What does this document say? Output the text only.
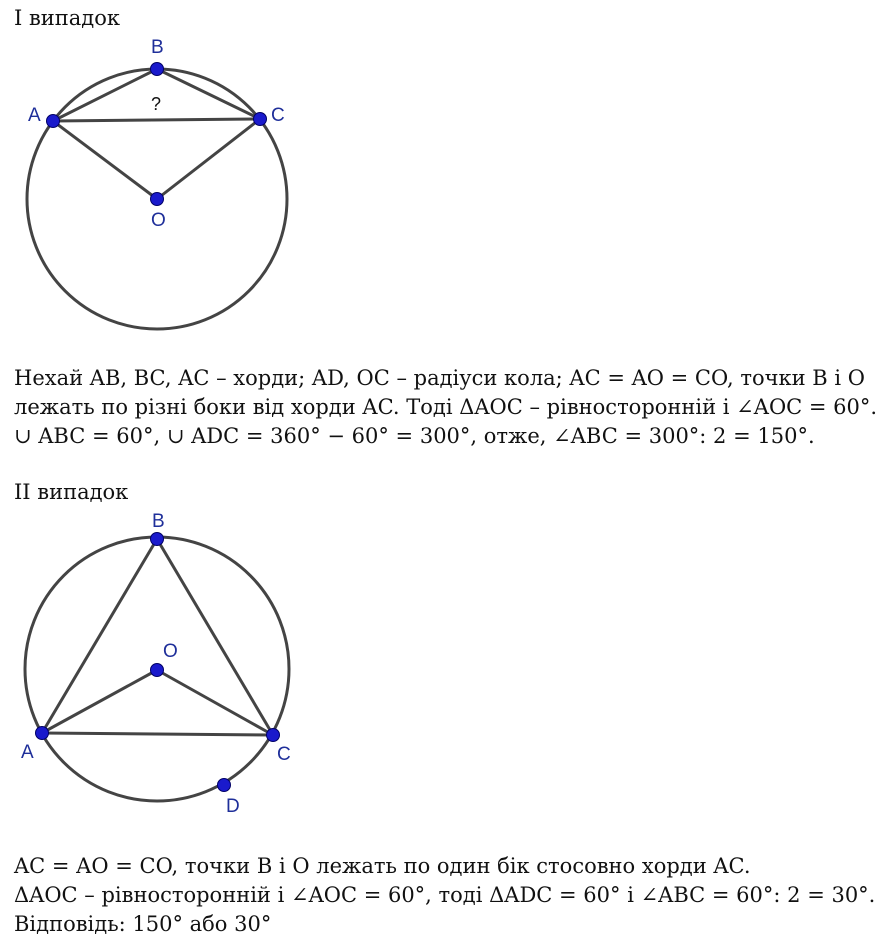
I випадок
A
B
C
O
?
Нехай AB, BC, AC – хорди; AD, OC – радіуси кола; AC = AO = CO, точки B і O
лежать по різні боки від хорди AC. Тоді ΔAOC – рівносторонній і ∠AOC = 60°.
∪ ABC = 60°, ∪ ADC = 360° − 60° = 300°, отже, ∠ABC = 300°: 2 = 150°.
II випадок
A
B
C
O
D
AC = AO = CO, точки B і O лежать по один бік стосовно хорди AC.
ΔAOC – рівносторонній і ∠AOC = 60°, тоді ΔADC = 60° і ∠ABC = 60°: 2 = 30°.
Відповідь: 150° або 30°
